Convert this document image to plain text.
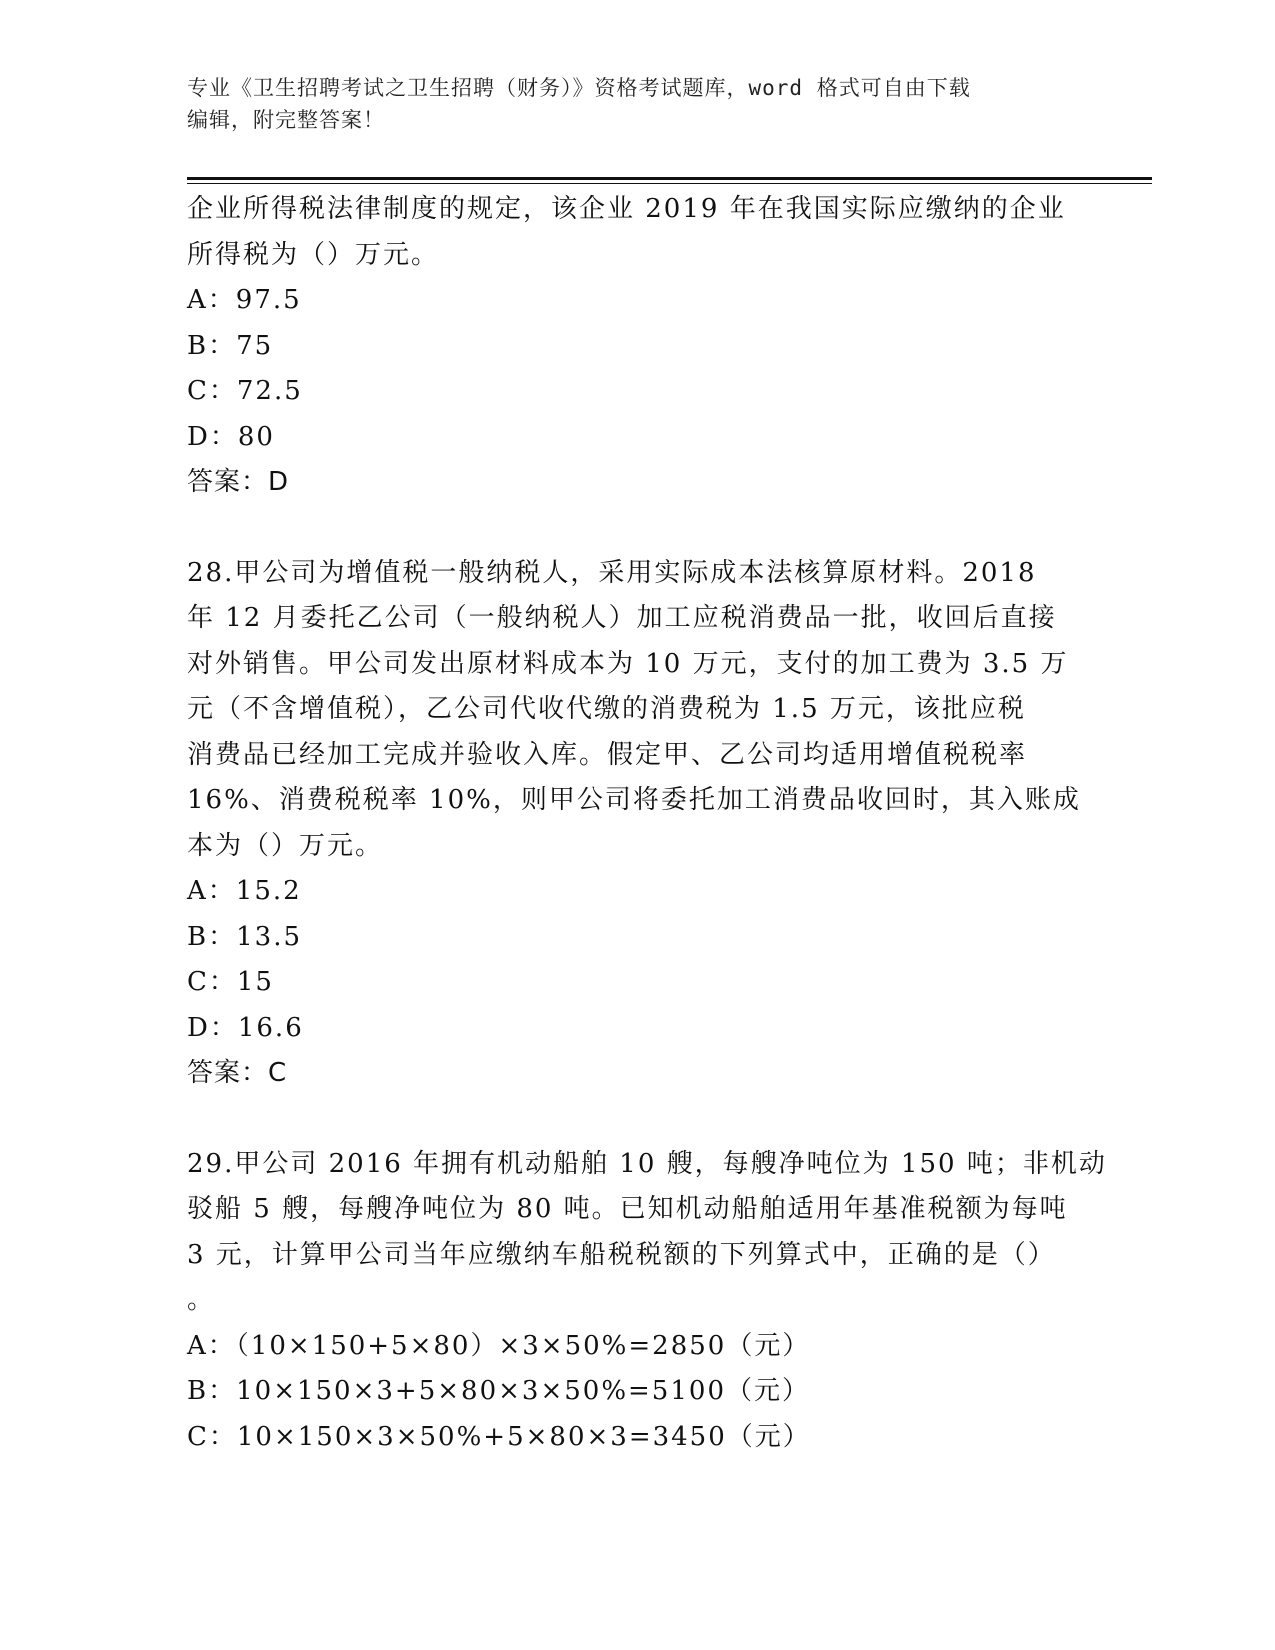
专业《卫生招聘考试之卫生招聘（财务）》资格考试题库，word 格式可自由下载
编辑，附完整答案！
企业所得税法律制度的规定，该企业 2019 年在我国实际应缴纳的企业
所得税为（）万元。
A：97.5
B：75
C：72.5
D：80
答案：D
28.甲公司为增值税一般纳税人，采用实际成本法核算原材料。2018
年 12 月委托乙公司（一般纳税人）加工应税消费品一批，收回后直接
对外销售。甲公司发出原材料成本为 10 万元，支付的加工费为 3.5 万
元（不含增值税），乙公司代收代缴的消费税为 1.5 万元，该批应税
消费品已经加工完成并验收入库。假定甲、乙公司均适用增值税税率
16%、消费税税率 10%，则甲公司将委托加工消费品收回时，其入账成
本为（）万元。
A：15.2
B：13.5
C：15
D：16.6
答案：C
29.甲公司 2016 年拥有机动船舶 10 艘，每艘净吨位为 150 吨；非机动
驳船 5 艘，每艘净吨位为 80 吨。已知机动船舶适用年基准税额为每吨
3 元，计算甲公司当年应缴纳车船税税额的下列算式中，正确的是（）
。
A：（10×150+5×80）×3×50%=2850（元）
B：10×150×3+5×80×3×50%=5100（元）
C：10×150×3×50%+5×80×3=3450（元）
